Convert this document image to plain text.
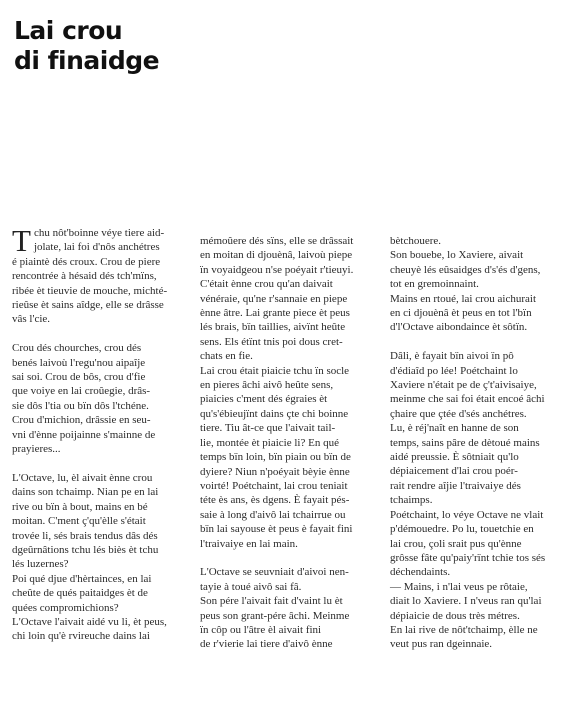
Lai crou
di finaidge
T chu nôt'boinne véye tiere aid-
jolate, lai foi d'nôs anchétres
é piaintè dés croux. Crou de piere
rencontrée à hésaid dés tch'mïns,
ribée èt tieuvie de mouche, michté-
rieûse èt sains aîdge, elle se drâsse
vâs l'cie.
Crou dés chourches, crou dés
benés laivoù l'regu'nou aipaîje
sai soi. Crou de bôs, crou d'fie
que voiye en lai croûegie, drâs-
sie dôs l'tia ou bïn dôs l'tchéne.
Crou d'michion, drâssie en seu-
vni d'ènne poijainne s'mainne de
prayieres...
L'Octave, lu, èl aivait ènne crou
dains son tchaimp. Nian pe en lai
rive ou bïn à bout, mains en bé
moitan. C'ment ç'qu'èlle s'était
trovée li, sés brais tendus dâs dés
dgeûrnâtions tchu lés biès èt tchu
lés luzernes?
Poi qué djue d'hèrtainces, en lai
cheûte de qués paitaidges èt de
quées compromichions?
L'Octave l'aivait aidé vu li, èt peus,
chi loin qu'è rvireuche dains lai
mémoûere dés sïns, elle se drâssait
en moitan di djouènâ, laivoù piepe
ïn voyaidgeou n'se poéyait r'tieuyi.
C'était ènne crou qu'an daivait
vénéraie, qu'ne r'sannaie en piepe
ènne âtre. Lai grante piece èt peus
lés brais, bïn taillies, aivïnt heûte
sens. Els étïnt tnis poi dous cret-
chats en fie.
Lai crou était piaicie tchu ïn socle
en pieres âchi aivô heûte sens,
piaicies c'ment dés égraies èt
qu's'ébieujïnt dains çte chi boinne
tiere. Tiu ât-ce que l'aivait tail-
lie, montée èt piaicie li? En qué
temps bïn loin, bïn piain ou bïn de
dyiere? Niun n'poéyait bèyie ènne
voirté! Poétchaint, lai crou teniait
téte ès ans, ès dgens. È fayait pés-
saie à long d'aivô lai tchairrue ou
bïn lai sayouse èt peus è fayait fini
l'traivaiye en lai main.
L'Octave se seuvniait d'aivoi nen-
tayie à toué aivô sai fâ.
Son pére l'aivait fait d'vaint lu èt
peus son grant-pére âchi. Meinme
ïn côp ou l'âtre èl aivait fini
de r'vierie lai tiere d'aivô ènne
bètchouere.
Son bouebe, lo Xaviere, aivait
cheuyè lés eûsaidges d's'és d'gens,
tot en gremoinnaint.
Mains en rtoué, lai crou aichurait
en ci djouènâ èt peus en tot l'bïn
d'l'Octave aibondaince èt sôtïn.
Dâli, è fayait bïn aivoi ïn pô
d'édiaîd po lée! Poétchaint lo
Xaviere n'était pe de ç't'aivisaiye,
meinme che sai foi était encoé âchi
çhaire que çtée d'sés anchétres.
Lu, è réj'naît en hanne de son
temps, sains pâre de dètoué mains
aidé preussie. È sôtniait qu'lo
dépiaicement d'lai crou poér-
rait rendre aîjie l'traivaiye dés
tchaimps.
Poétchaint, lo véye Octave ne vlait
p'démouedre. Po lu, touetchie en
lai crou, çoli srait pus qu'ènne
grôsse fâte qu'paiy'rïnt tchie tos sés
déchendaints.
— Mains, i n'lai veus pe rôtaie,
diait lo Xaviere. I n'veus ran qu'lai
dépiaicie de dous très métres.
En lai rive de nôt'tchaimp, èlle ne
veut pus ran dgeinnaie.
